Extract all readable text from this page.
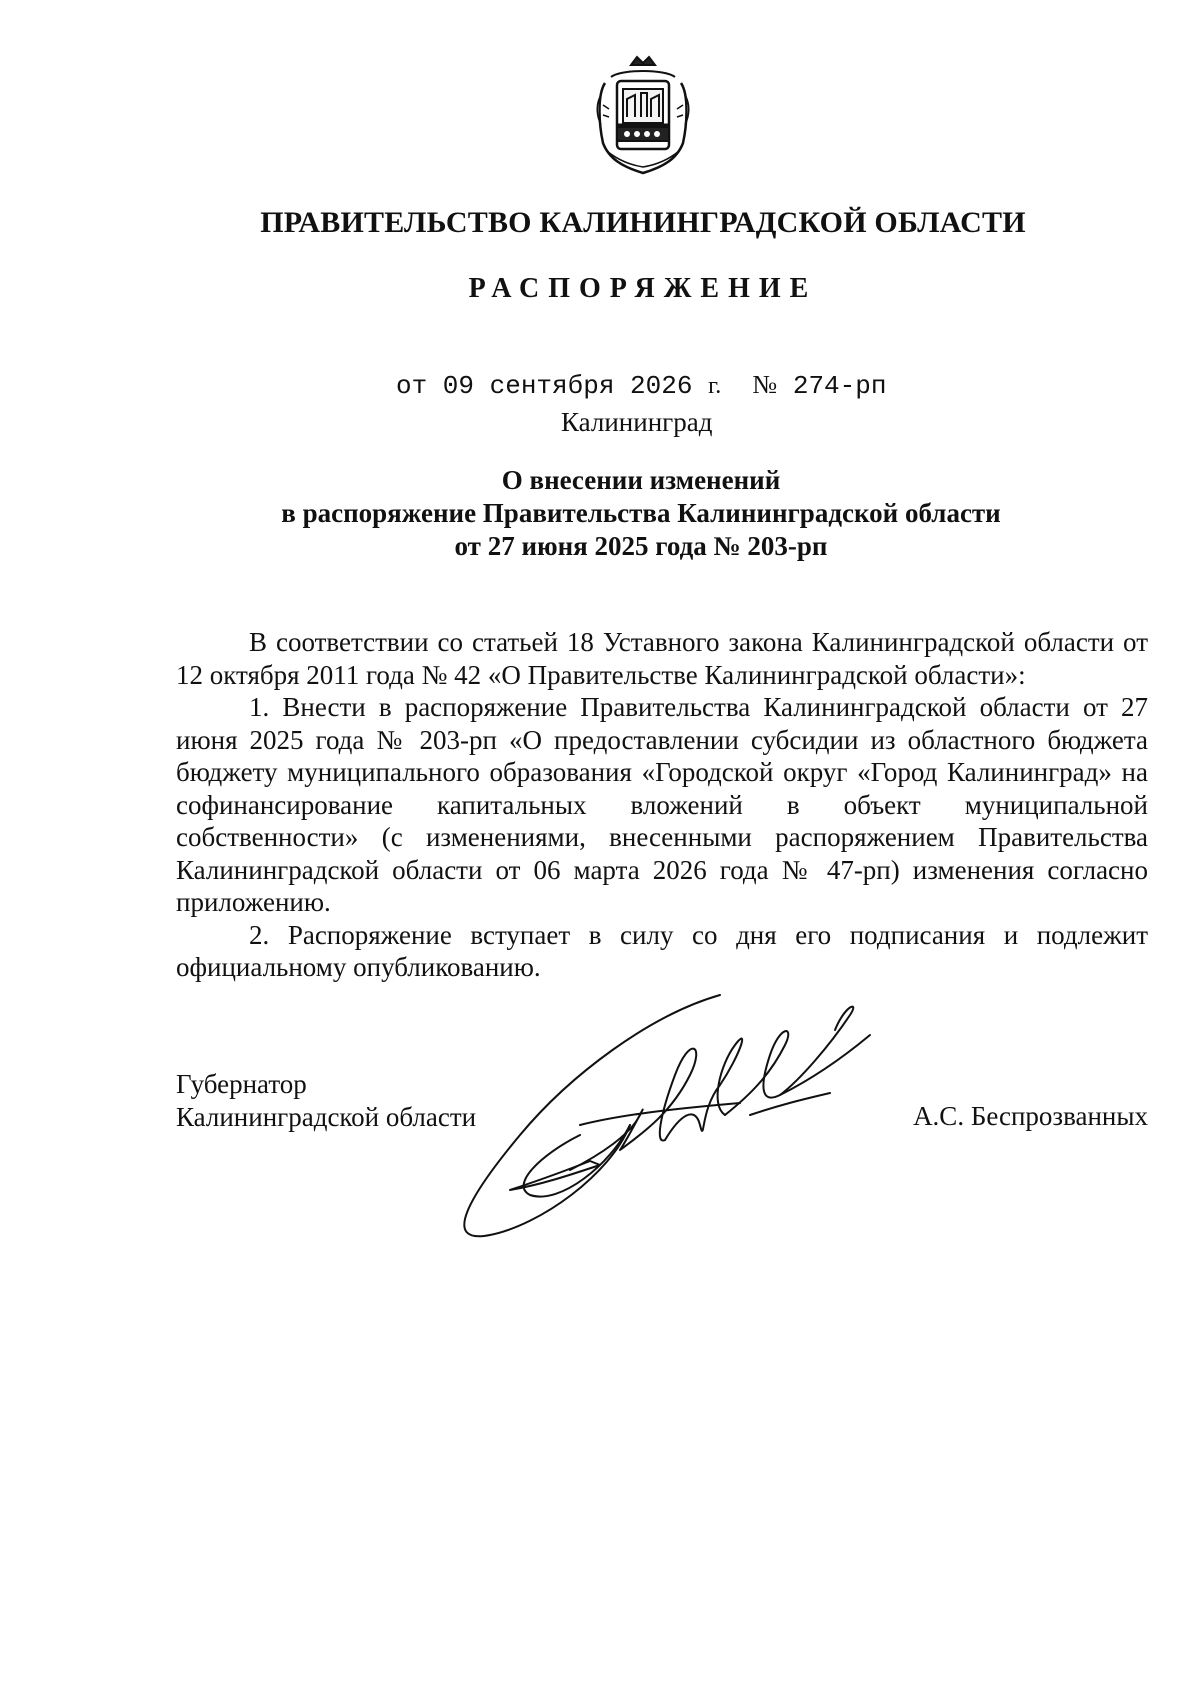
ПРАВИТЕЛЬСТВО КАЛИНИНГРАДСКОЙ ОБЛАСТИ
РАСПОРЯЖЕНИЕ
от 09 сентября 2026 г. № 274-рп
Калининград
О внесении изменений
в распоряжение Правительства Калининградской области
от 27 июня 2025 года № 203-рп

В соответствии со статьей 18 Уставного закона Калининградской области от 12 октября 2011 года № 42 «О Правительстве Калининградской области»:

1. Внести в распоряжение Правительства Калининградской области от 27 июня 2025 года № 203-рп «О предоставлении субсидии из областного бюджета бюджету муниципального образования «Городской округ «Город Калининград» на софинансирование капитальных вложений в объект муниципальной собственности» (с изменениями, внесенными распоряжением Правительства Калининградской области от 06 марта 2026 года № 47-рп) изменения согласно приложению.

2. Распоряжение вступает в силу со дня его подписания и подлежит официальному опубликованию.

Губернатор
Калининградской области	А.С. Беспрозванных
